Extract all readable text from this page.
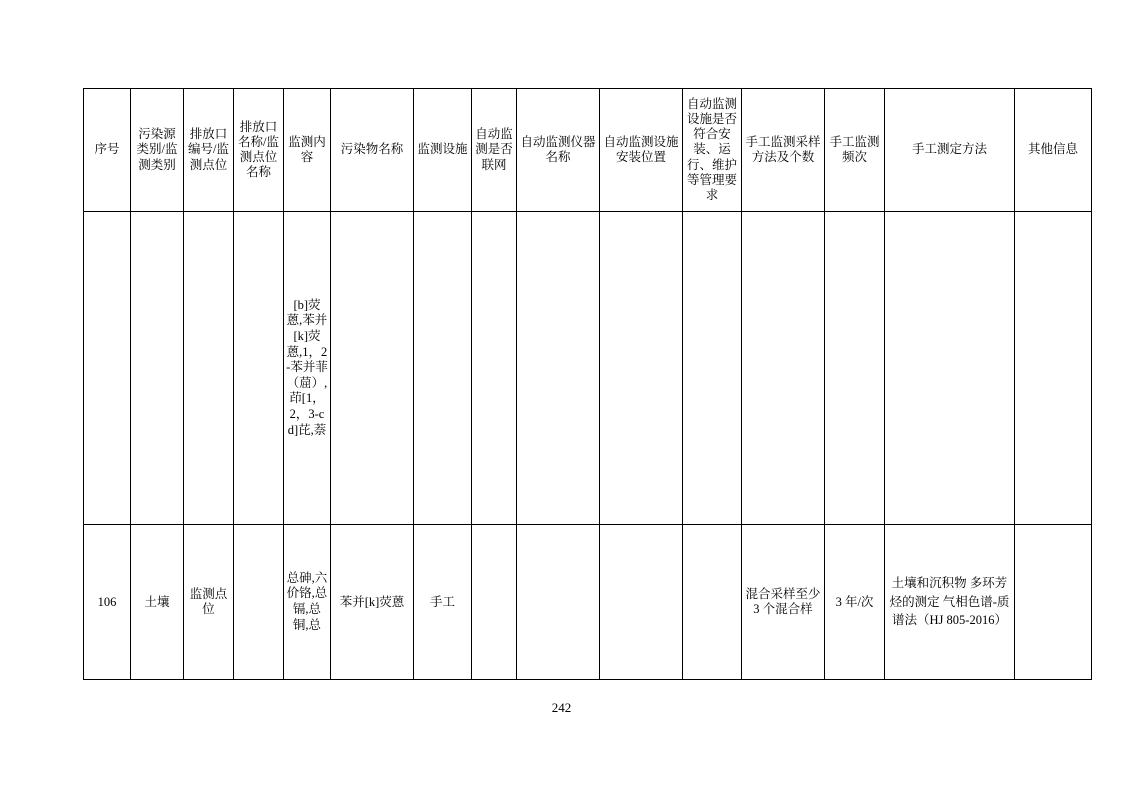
序号	污染源类别/监测类别	排放口编号/监测点位	排放口名称/监测点位名称	监测内容	污染物名称	监测设施	自动监测是否联网	自动监测仪器名称	自动监测设施安装位置	自动监测设施是否符合安装、运行、维护等管理要求	手工监测采样方法及个数	手工监测频次	手工测定方法	其他信息
				[b]荧蒽,苯并[k]荧蒽,1，2-苯并菲（䓛）,茚[1，2，3-cd]芘,萘										
106	土壤	监测点位		总砷,六价铬,总镉,总铜,总	苯并[k]荧蒽	手工					混合采样至少 3 个混合样	3 年/次	土壤和沉积物 多环芳烃的测定 气相色谱-质谱法（HJ 805-2016）	
242
